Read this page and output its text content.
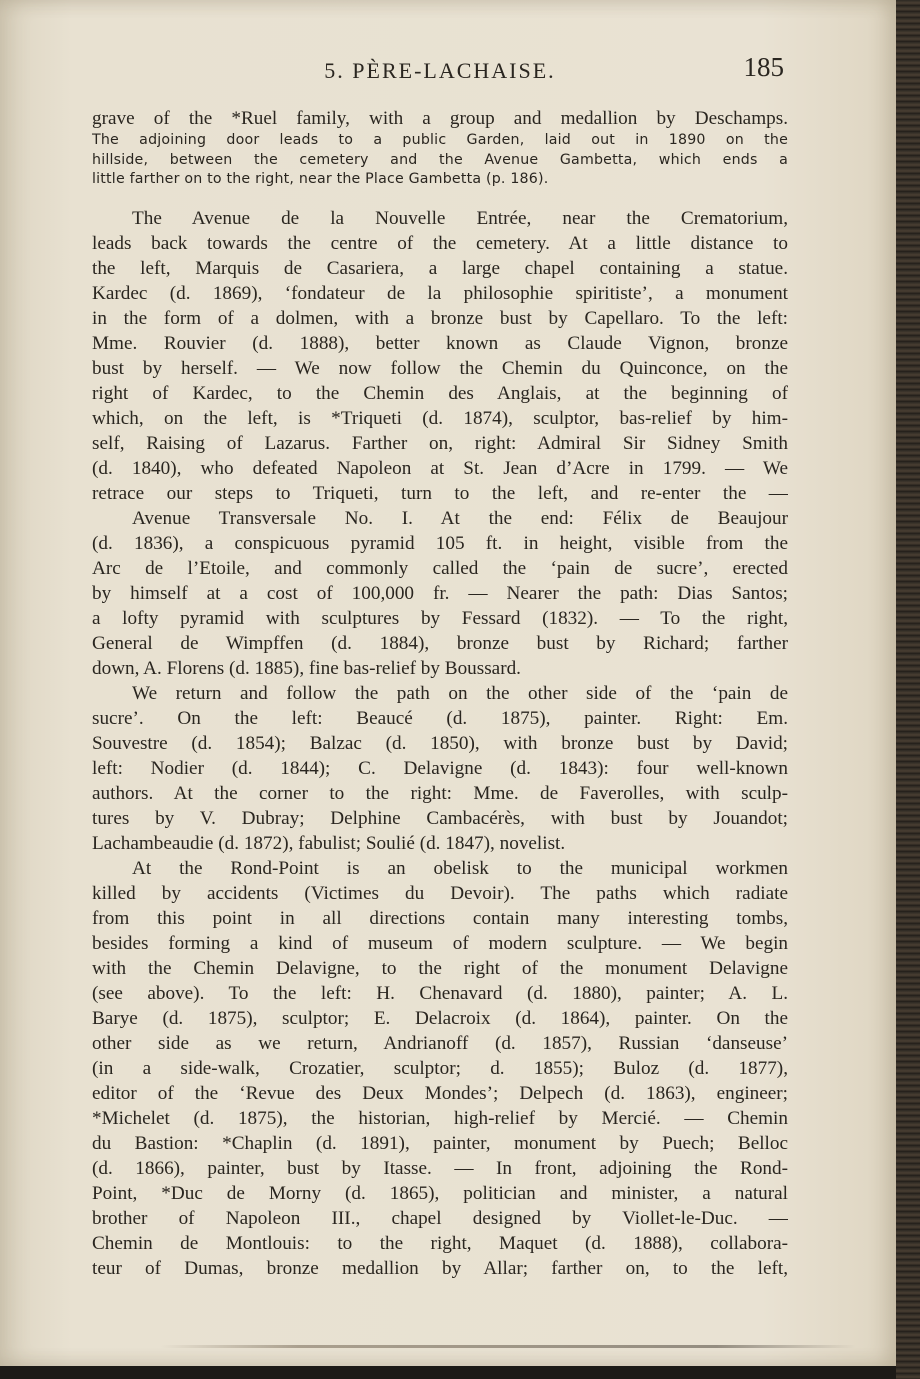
5. PÈRE-LACHAISE.	185
grave of the *Ruel family, with a group and medallion by Deschamps.
The adjoining door leads to a public Garden, laid out in 1890 on the
hillside, between the cemetery and the Avenue Gambetta, which ends a
little farther on to the right, near the Place Gambetta (p. 186).
The Avenue de la Nouvelle Entrée, near the Crematorium,
leads back towards the centre of the cemetery. At a little distance to
the left, Marquis de Casariera, a large chapel containing a statue.
Kardec (d. 1869), ‘fondateur de la philosophie spiritiste’, a monument
in the form of a dolmen, with a bronze bust by Capellaro. To the left:
Mme. Rouvier (d. 1888), better known as Claude Vignon, bronze
bust by herself. — We now follow the Chemin du Quinconce, on the
right of Kardec, to the Chemin des Anglais, at the beginning of
which, on the left, is *Triqueti (d. 1874), sculptor, bas-relief by him-
self, Raising of Lazarus. Farther on, right: Admiral Sir Sidney Smith
(d. 1840), who defeated Napoleon at St. Jean d’Acre in 1799. — We
retrace our steps to Triqueti, turn to the left, and re-enter the —
Avenue Transversale No. I. At the end: Félix de Beaujour
(d. 1836), a conspicuous pyramid 105 ft. in height, visible from the
Arc de l’Etoile, and commonly called the ‘pain de sucre’, erected
by himself at a cost of 100,000 fr. — Nearer the path: Dias Santos;
a lofty pyramid with sculptures by Fessard (1832). — To the right,
General de Wimpffen (d. 1884), bronze bust by Richard; farther
down, A. Florens (d. 1885), fine bas-relief by Boussard.
We return and follow the path on the other side of the ‘pain de
sucre’. On the left: Beaucé (d. 1875), painter. Right: Em.
Souvestre (d. 1854); Balzac (d. 1850), with bronze bust by David;
left: Nodier (d. 1844); C. Delavigne (d. 1843): four well-known
authors. At the corner to the right: Mme. de Faverolles, with sculp-
tures by V. Dubray; Delphine Cambacérès, with bust by Jouandot;
Lachambeaudie (d. 1872), fabulist; Soulié (d. 1847), novelist.
At the Rond-Point is an obelisk to the municipal workmen
killed by accidents (Victimes du Devoir). The paths which radiate
from this point in all directions contain many interesting tombs,
besides forming a kind of museum of modern sculpture. — We begin
with the Chemin Delavigne, to the right of the monument Delavigne
(see above). To the left: H. Chenavard (d. 1880), painter; A. L.
Barye (d. 1875), sculptor; E. Delacroix (d. 1864), painter. On the
other side as we return, Andrianoff (d. 1857), Russian ‘danseuse’
(in a side-walk, Crozatier, sculptor; d. 1855); Buloz (d. 1877),
editor of the ‘Revue des Deux Mondes’; Delpech (d. 1863), engineer;
*Michelet (d. 1875), the historian, high-relief by Mercié. — Chemin
du Bastion: *Chaplin (d. 1891), painter, monument by Puech; Belloc
(d. 1866), painter, bust by Itasse. — In front, adjoining the Rond-
Point, *Duc de Morny (d. 1865), politician and minister, a natural
brother of Napoleon III., chapel designed by Viollet-le-Duc. —
Chemin de Montlouis: to the right, Maquet (d. 1888), collabora-
teur of Dumas, bronze medallion by Allar; farther on, to the left,
